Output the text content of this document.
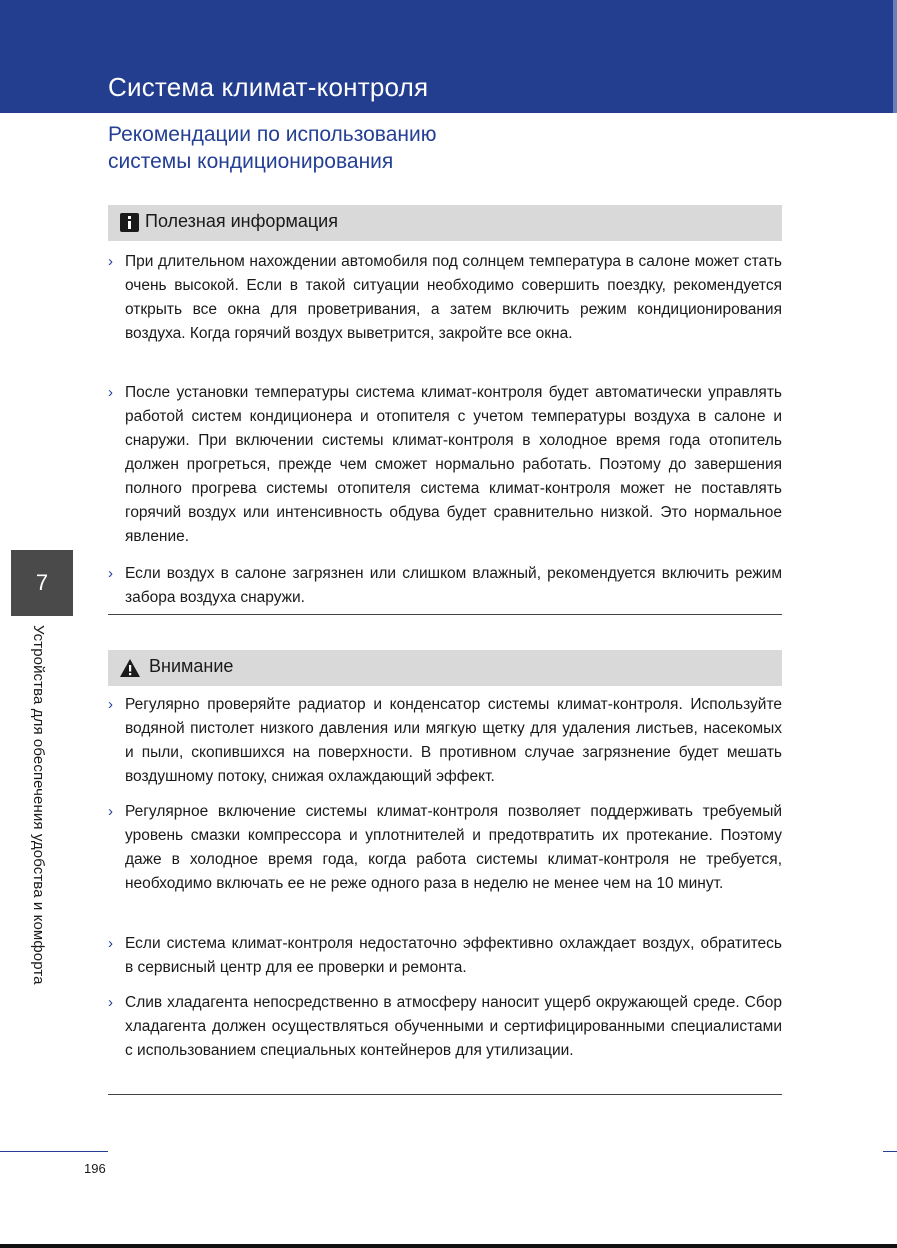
Система климат-контроля
Рекомендации по использованию
системы кондиционирования
Полезная информация
› При длительном нахождении автомобиля под солнцем температура в салоне может стать очень высокой. Если в такой ситуации необходимо совершить поездку, рекомендуется открыть все окна для проветривания, а затем включить режим кондиционирования воздуха. Когда горячий воздух выветрится, закройте все окна.
› После установки температуры система климат-контроля будет автоматически управлять работой систем кондиционера и отопителя с учетом температуры воздуха в салоне и снаружи. При включении системы климат-контроля в холодное время года отопитель должен прогреться, прежде чем сможет нормально работать. Поэтому до завершения полного прогрева системы отопителя система климат-контроля может не поставлять горячий воздух или интенсивность обдува будет сравнительно низкой. Это нормальное явление.
› Если воздух в салоне загрязнен или слишком влажный, рекомендуется включить режим забора воздуха снаружи.
Внимание
› Регулярно проверяйте радиатор и конденсатор системы климат-контроля. Используйте водяной пистолет низкого давления или мягкую щетку для удаления листьев, насекомых и пыли, скопившихся на поверхности. В противном случае загрязнение будет мешать воздушному потоку, снижая охлаждающий эффект.
› Регулярное включение системы климат-контроля позволяет поддерживать требуемый уровень смазки компрессора и уплотнителей и предотвратить их протекание. Поэтому даже в холодное время года, когда работа системы климат-контроля не требуется, необходимо включать ее не реже одного раза в неделю не менее чем на 10 минут.
› Если система климат-контроля недостаточно эффективно охлаждает воздух, обратитесь в сервисный центр для ее проверки и ремонта.
› Слив хладагента непосредственно в атмосферу наносит ущерб окружающей среде. Сбор хладагента должен осуществляться обученными и сертифицированными специалистами с использованием специальных контейнеров для утилизации.
7
Устройства для обеспечения удобства и комфорта
196
